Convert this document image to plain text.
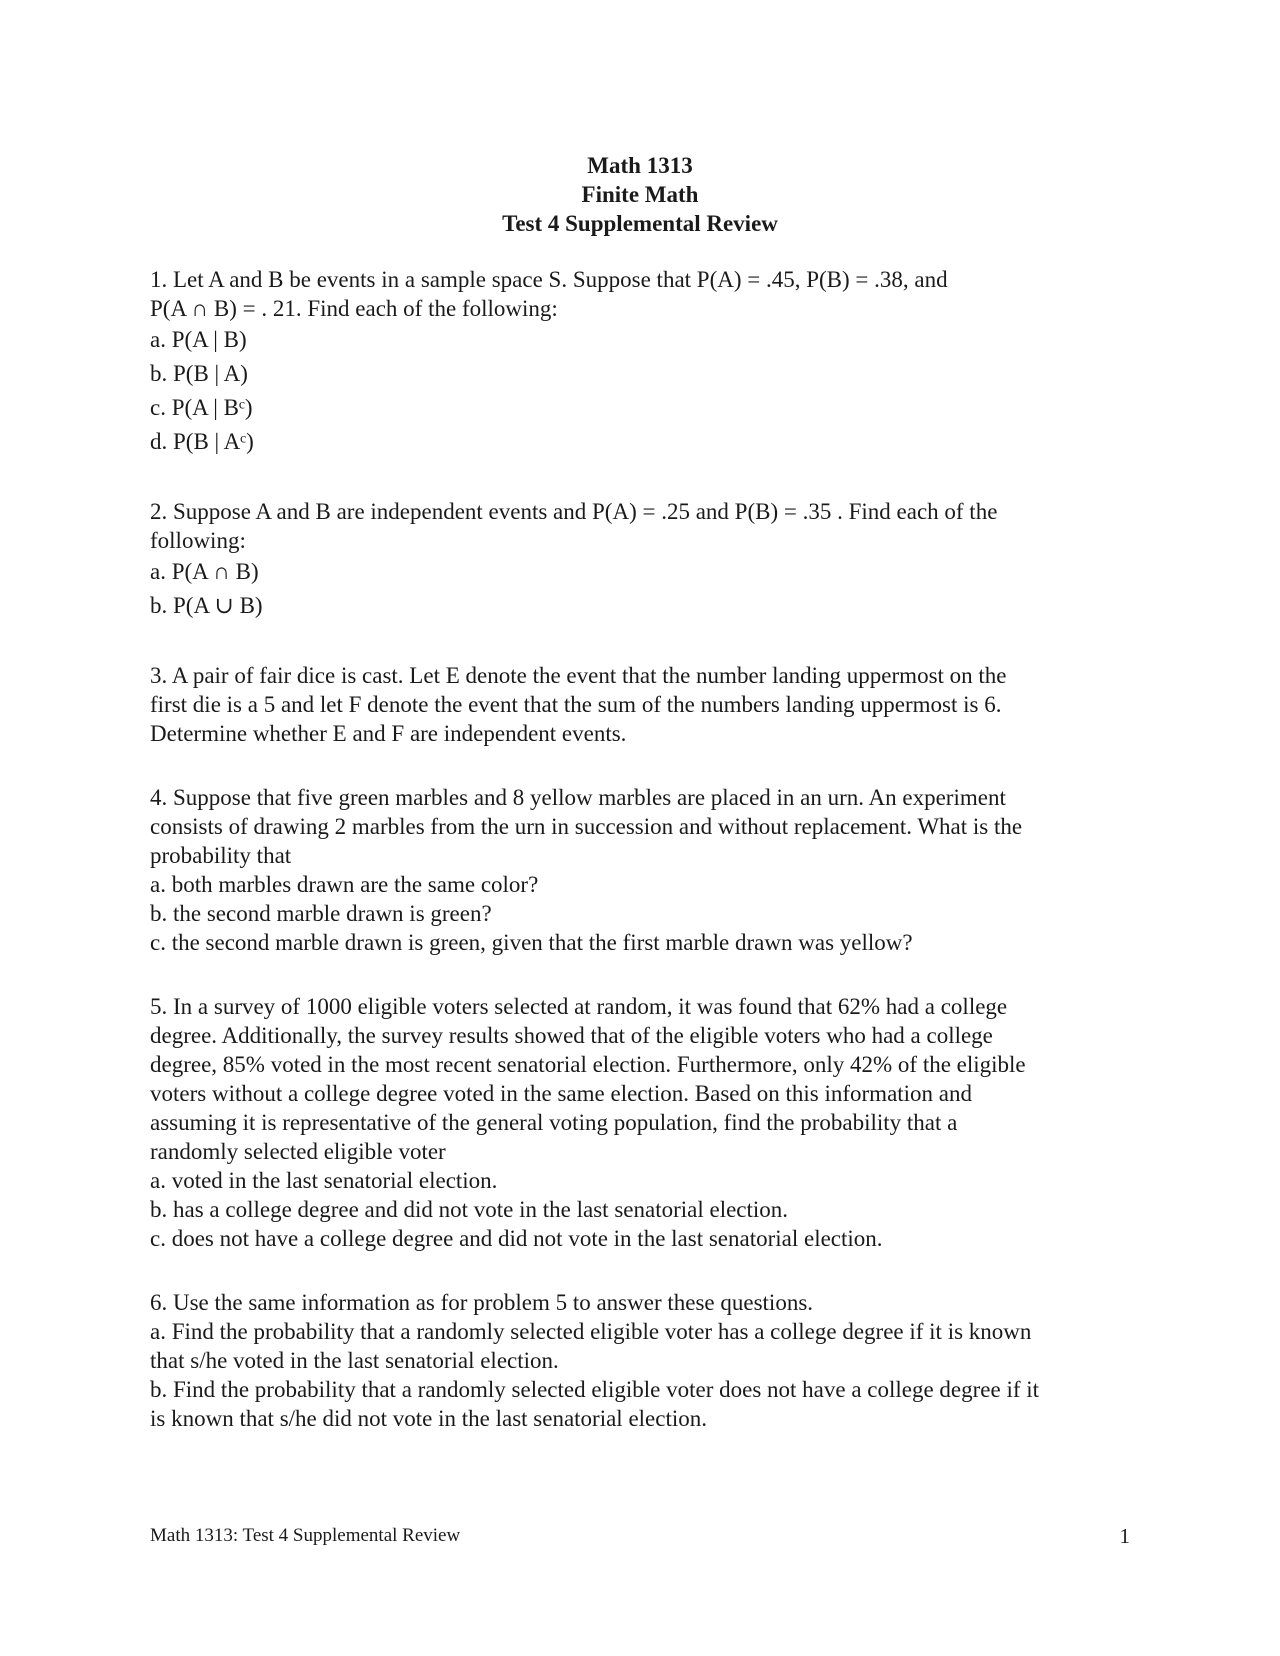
Math 1313
Finite Math
Test 4 Supplemental Review
1. Let A and B be events in a sample space S. Suppose that P(A) = .45, P(B) = .38, and
P(A ∩ B) = . 21. Find each of the following:
a. P(A | B)
b. P(B | A)
c. P(A | Bᶜ)
d. P(B | Aᶜ)
2. Suppose A and B are independent events and P(A) = .25 and P(B) = .35 . Find each of the
following:
a. P(A ∩ B)
b. P(A ∪ B)
3. A pair of fair dice is cast. Let E denote the event that the number landing uppermost on the
first die is a 5 and let F denote the event that the sum of the numbers landing uppermost is 6.
Determine whether E and F are independent events.
4. Suppose that five green marbles and 8 yellow marbles are placed in an urn. An experiment
consists of drawing 2 marbles from the urn in succession and without replacement. What is the
probability that
a. both marbles drawn are the same color?
b. the second marble drawn is green?
c. the second marble drawn is green, given that the first marble drawn was yellow?
5. In a survey of 1000 eligible voters selected at random, it was found that 62% had a college
degree. Additionally, the survey results showed that of the eligible voters who had a college
degree, 85% voted in the most recent senatorial election. Furthermore, only 42% of the eligible
voters without a college degree voted in the same election. Based on this information and
assuming it is representative of the general voting population, find the probability that a
randomly selected eligible voter
a. voted in the last senatorial election.
b. has a college degree and did not vote in the last senatorial election.
c. does not have a college degree and did not vote in the last senatorial election.
6. Use the same information as for problem 5 to answer these questions.
a. Find the probability that a randomly selected eligible voter has a college degree if it is known
that s/he voted in the last senatorial election.
b. Find the probability that a randomly selected eligible voter does not have a college degree if it
is known that s/he did not vote in the last senatorial election.
Math 1313: Test 4 Supplemental Review	1
